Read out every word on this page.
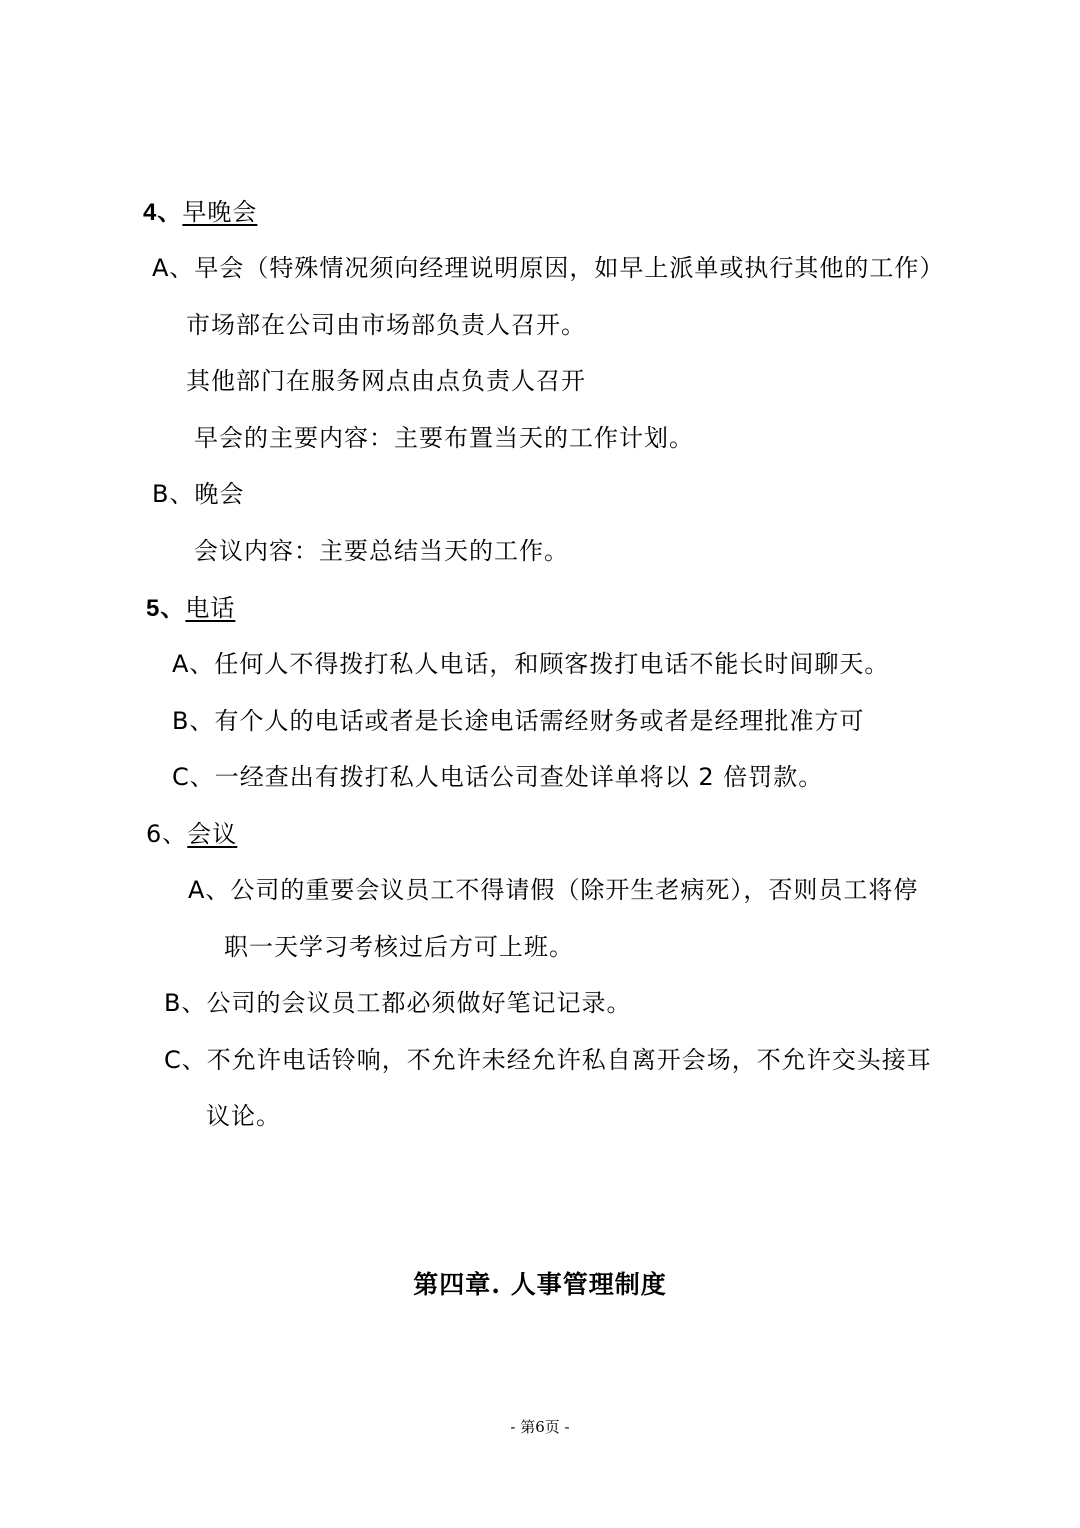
4、早晚会
A、早会（特殊情况须向经理说明原因，如早上派单或执行其他的工作）
市场部在公司由市场部负责人召开。
其他部门在服务网点由点负责人召开
早会的主要内容：主要布置当天的工作计划。
B、晚会
会议内容：主要总结当天的工作。
5、电话
A、任何人不得拨打私人电话，和顾客拨打电话不能长时间聊天。
B、有个人的电话或者是长途电话需经财务或者是经理批准方可
C、一经查出有拨打私人电话公司查处详单将以 2 倍罚款。
6、会议
A、公司的重要会议员工不得请假（除开生老病死），否则员工将停
职一天学习考核过后方可上班。
B、公司的会议员工都必须做好笔记记录。
C、不允许电话铃响，不允许未经允许私自离开会场，不允许交头接耳
议论。
第四章. 人事管理制度
- 第6页 -
